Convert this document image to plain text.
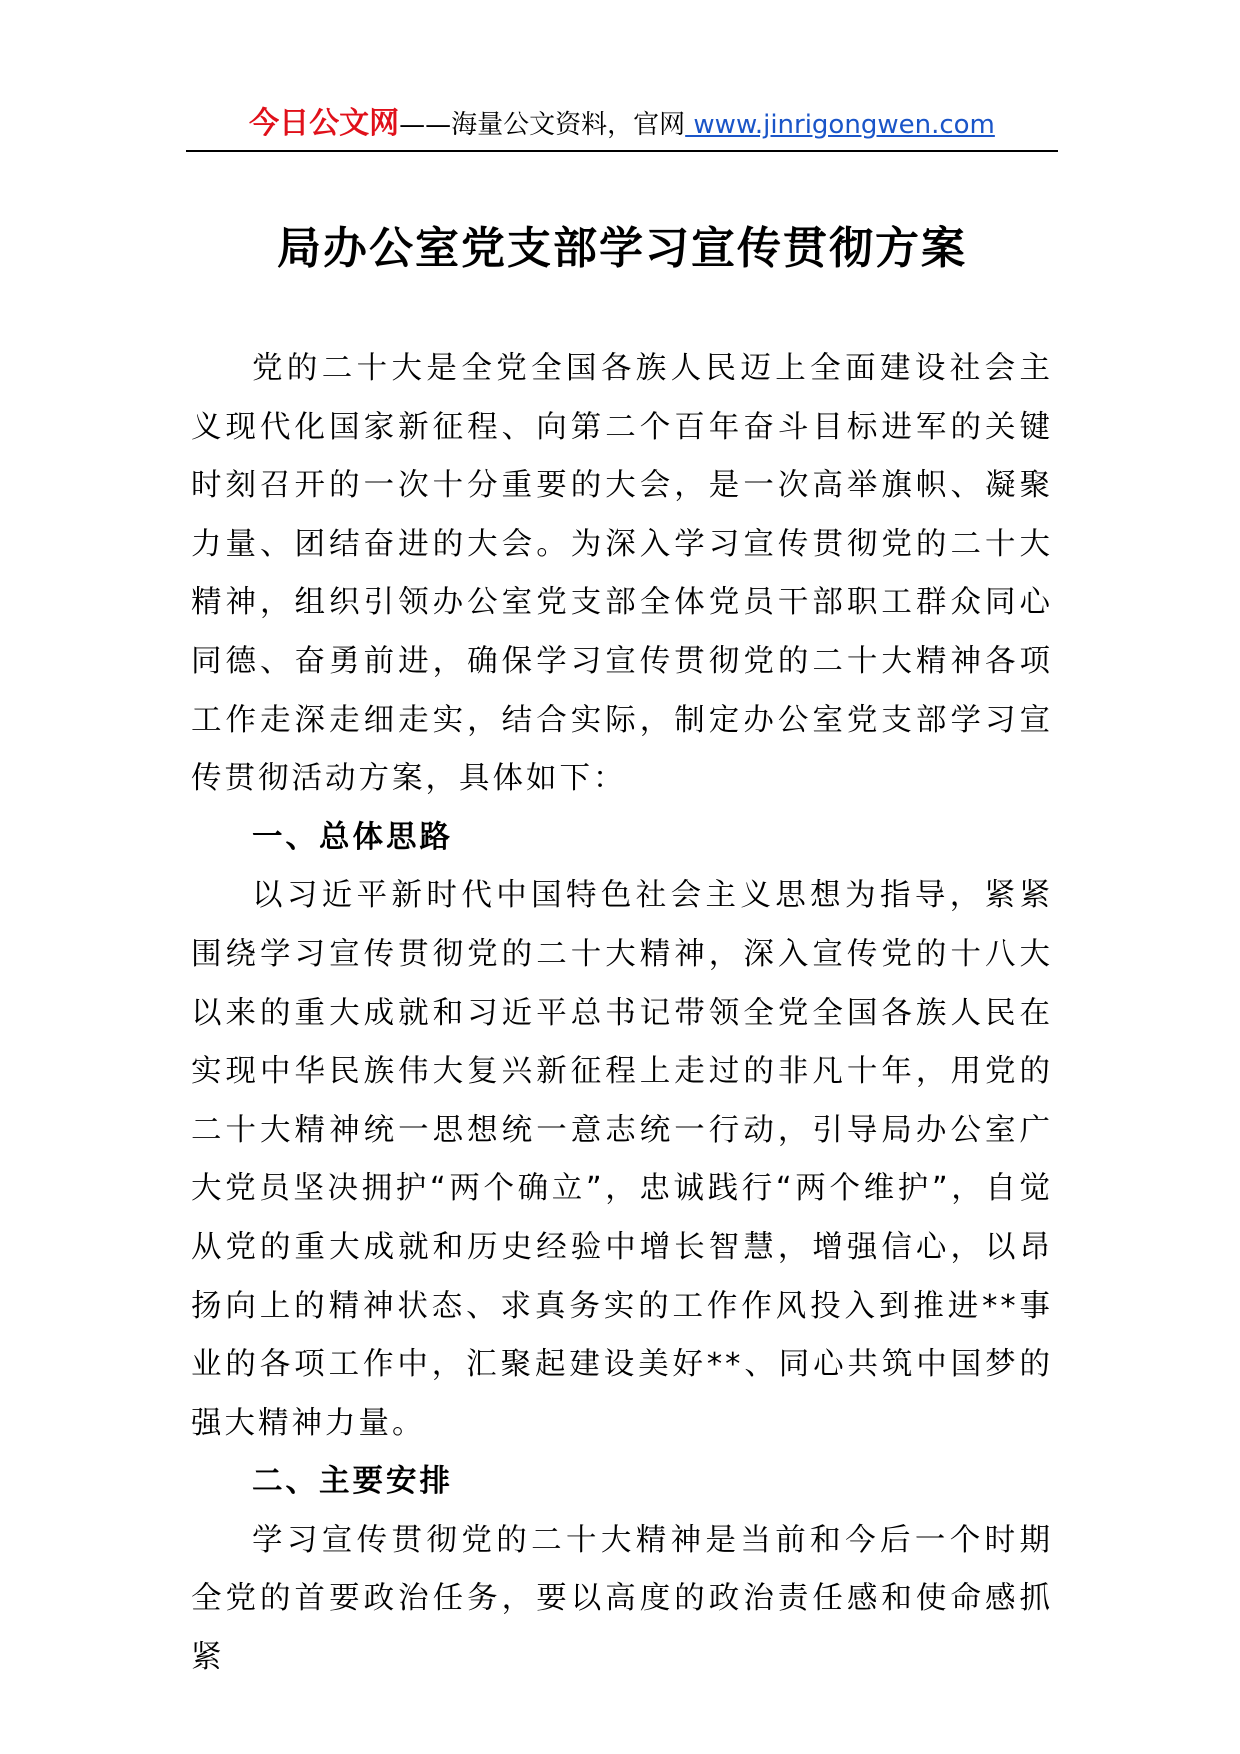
今日公文网——海量公文资料，官网 www.jinrigongwen.com
局办公室党支部学习宣传贯彻方案

党的二十大是全党全国各族人民迈上全面建设社会主义现代化国家新征程、向第二个百年奋斗目标进军的关键时刻召开的一次十分重要的大会，是一次高举旗帜、凝聚力量、团结奋进的大会。为深入学习宣传贯彻党的二十大精神，组织引领办公室党支部全体党员干部职工群众同心同德、奋勇前进，确保学习宣传贯彻党的二十大精神各项工作走深走细走实，结合实际，制定办公室党支部学习宣传贯彻活动方案，具体如下：

一、总体思路

以习近平新时代中国特色社会主义思想为指导，紧紧围绕学习宣传贯彻党的二十大精神，深入宣传党的十八大以来的重大成就和习近平总书记带领全党全国各族人民在实现中华民族伟大复兴新征程上走过的非凡十年，用党的二十大精神统一思想统一意志统一行动，引导局办公室广大党员坚决拥护“两个确立”，忠诚践行“两个维护”，自觉从党的重大成就和历史经验中增长智慧，增强信心，以昂扬向上的精神状态、求真务实的工作作风投入到推进**事业的各项工作中，汇聚起建设美好**、同心共筑中国梦的强大精神力量。

二、主要安排

学习宣传贯彻党的二十大精神是当前和今后一个时期全党的首要政治任务，要以高度的政治责任感和使命感抓紧
